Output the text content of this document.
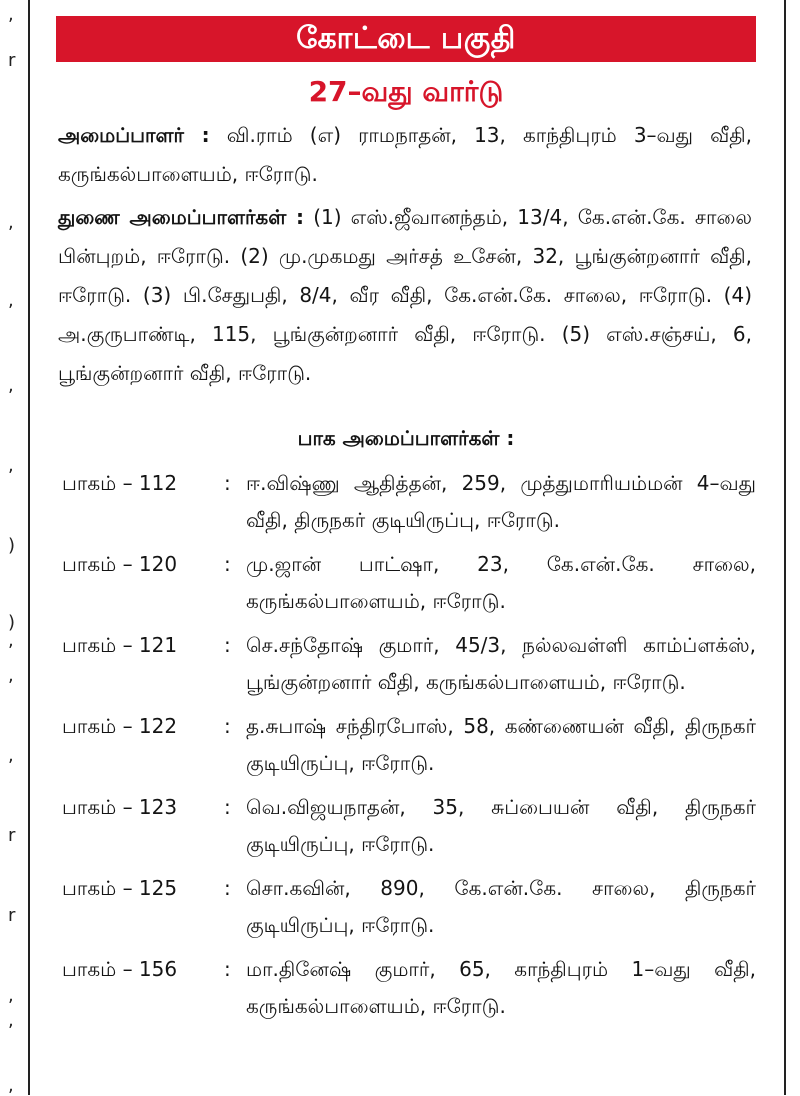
,
r
,
,
,
,
)
)
,
,
,
,
r
r
,
,
கோட்டை பகுதி
27–வது வார்டு

அமைப்பாளர் : வி.ராம் (எ) ராமநாதன், 13, காந்திபுரம் 3–வது வீதி, கருங்கல்பாளையம், ஈரோடு.

துணை அமைப்பாளர்கள் : (1) எஸ்.ஜீவானந்தம், 13/4, கே.என்.கே. சாலை பின்புறம், ஈரோடு. (2) மு.முகமது அர்சத் உசேன், 32, பூங்குன்றனார் வீதி, ஈரோடு. (3) பி.சேதுபதி, 8/4, வீர வீதி, கே.என்.கே. சாலை, ஈரோடு. (4) அ.குருபாண்டி, 115, பூங்குன்றனார் வீதி, ஈரோடு. (5) எஸ்.சஞ்சய், 6, பூங்குன்றனார் வீதி, ஈரோடு.

பாக அமைப்பாளர்கள் :
பாகம் – 112	: ஈ.விஷ்ணு ஆதித்தன், 259, முத்துமாரியம்மன் 4–வது வீதி, திருநகர் குடியிருப்பு, ஈரோடு.
பாகம் – 120	: மு.ஜான் பாட்ஷா, 23, கே.என்.கே. சாலை, கருங்கல்பாளையம், ஈரோடு.
பாகம் – 121	: செ.சந்தோஷ் குமார், 45/3, நல்லவள்ளி காம்ப்ளக்ஸ், பூங்குன்றனார் வீதி, கருங்கல்பாளையம், ஈரோடு.
பாகம் – 122	: த.சுபாஷ் சந்திரபோஸ், 58, கண்ணையன் வீதி, திருநகர் குடியிருப்பு, ஈரோடு.
பாகம் – 123	: வெ.விஜயநாதன், 35, சுப்பையன் வீதி, திருநகர் குடியிருப்பு, ஈரோடு.
பாகம் – 125	: சொ.கவின், 890, கே.என்.கே. சாலை, திருநகர் குடியிருப்பு, ஈரோடு.
பாகம் – 156	: மா.தினேஷ் குமார், 65, காந்திபுரம் 1–வது வீதி, கருங்கல்பாளையம், ஈரோடு.
